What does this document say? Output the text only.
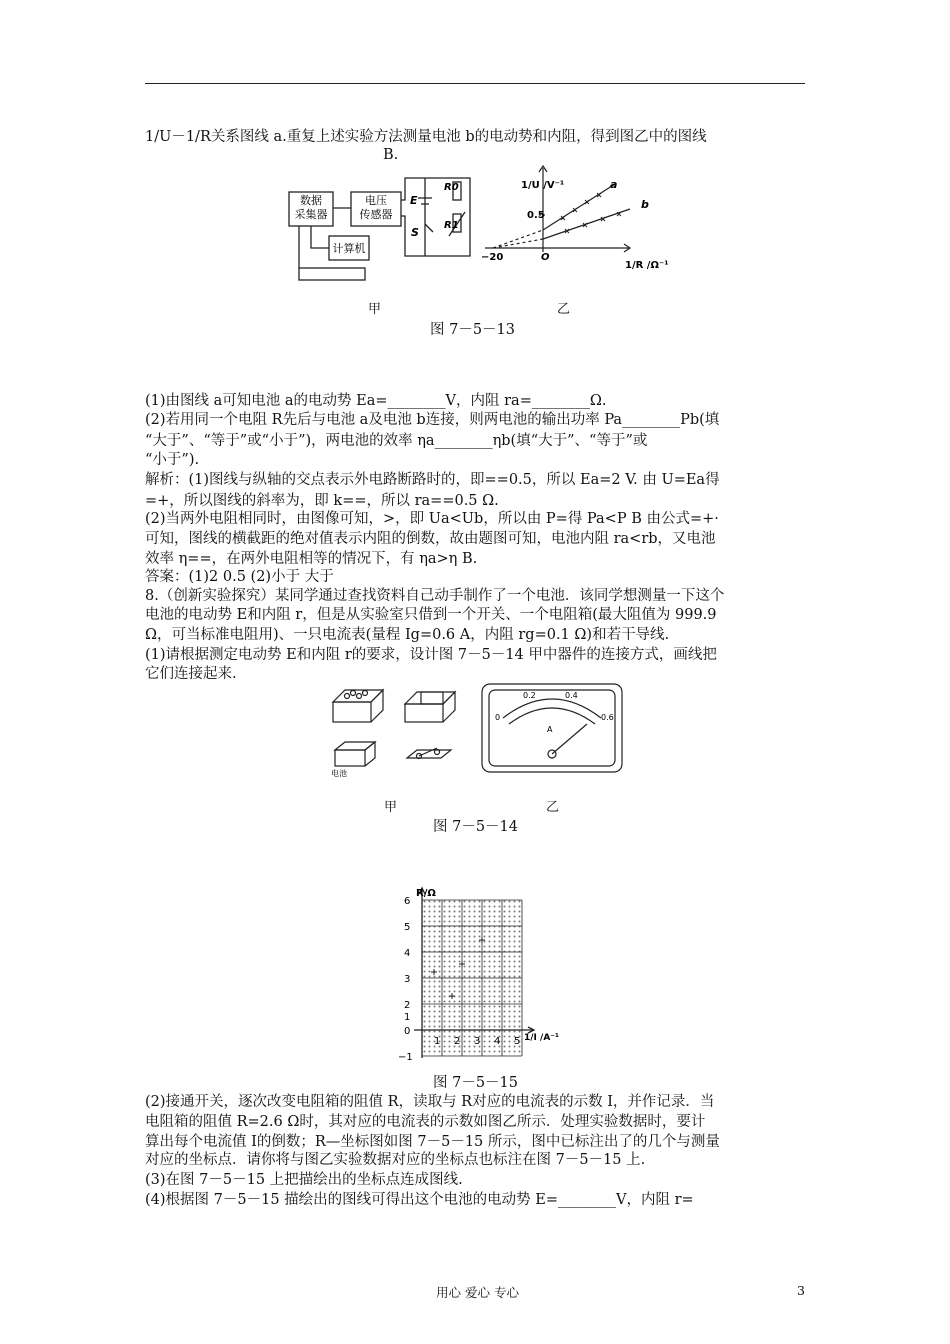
1/U－1/R关系图线 a.重复上述实验方法测量电池 b的电动势和内阻，得到图乙中的图线
B.
数据
采集器
电压
传感器
计算机
E
S
R0
R1
1/U /V⁻¹
0.5
−20	O
1/R /Ω⁻¹
a
b
甲	乙
图 7－5－13
(1)由图线 a可知电池 a的电动势 Ea=________V，内阻 ra=________Ω.
(2)若用同一个电阻 R先后与电池 a及电池 b连接，则两电池的输出功率 Pa________Pb(填
“大于”、“等于”或“小于”)，两电池的效率 ηa________ηb(填“大于”、“等于”或
“小于”).
解析：(1)图线与纵轴的交点表示外电路断路时的，即==0.5，所以 Ea=2 V. 由 U=Ea得
=+，所以图线的斜率为，即 k==，所以 ra==0.5 Ω.
(2)当两外电阻相同时，由图像可知，>，即 Ua<Ub，所以由 P=得 Pa<P B 由公式=+·
可知，图线的横截距的绝对值表示内阻的倒数，故由题图可知，电池内阻 ra<rb，又电池
效率 η==，在两外电阻相等的情况下，有 ηa>η B.
答案：(1)2 0.5 (2)小于 大于
8.（创新实验探究）某同学通过查找资料自己动手制作了一个电池．该同学想测量一下这个
电池的电动势 E和内阻 r，但是从实验室只借到一个开关、一个电阻箱(最大阻值为 999.9
Ω，可当标准电阻用)、一只电流表(量程 Ig=0.6 A，内阻 rg=0.1 Ω)和若干导线.
(1)请根据测定电动势 E和内阻 r的要求，设计图 7－5－14 甲中器件的连接方式，画线把
它们连接起来.
电池
0
0.2	0.4
0.6
A
甲	乙
图 7－5－14
R/Ω
1/I /A⁻¹
6
5
4
3
2
1
0
−1
1 2 3 4 5
图 7－5－15
(2)接通开关，逐次改变电阻箱的阻值 R，读取与 R对应的电流表的示数 I，并作记录．当
电阻箱的阻值 R=2.6 Ω时，其对应的电流表的示数如图乙所示．处理实验数据时，要计
算出每个电流值 I的倒数；R—坐标图如图 7－5－15 所示，图中已标注出了的几个与测量
对应的坐标点．请你将与图乙实验数据对应的坐标点也标注在图 7－5－15 上.
(3)在图 7－5－15 上把描绘出的坐标点连成图线.
(4)根据图 7－5－15 描绘出的图线可得出这个电池的电动势 E=________V，内阻 r=
用心 爱心 专心	3
